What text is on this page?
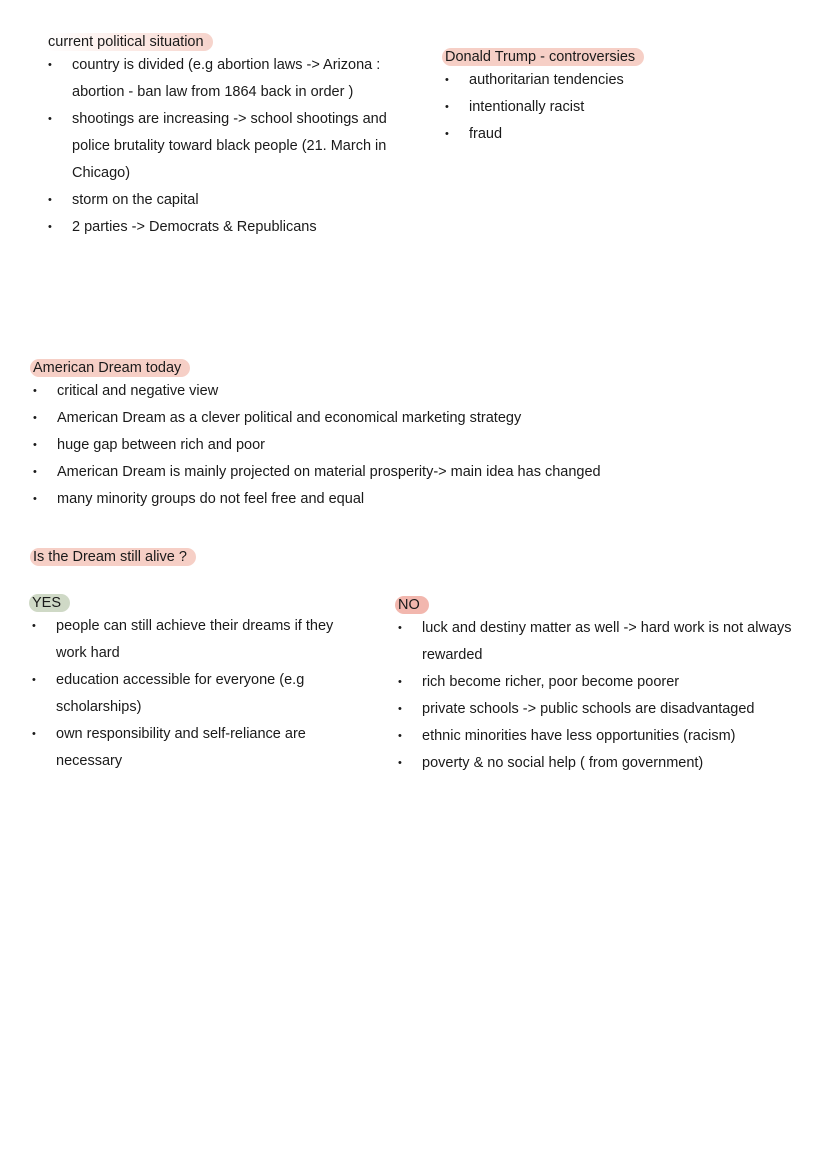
current political situation
• country is divided (e.g abortion laws -> Arizona : abortion - ban law from 1864 back in order )
• shootings are increasing -> school shootings and police brutality toward black people (21. March in Chicago)
• storm on the capital
• 2 parties -> Democrats & Republicans
Donald Trump - controversies
• authoritarian tendencies
• intentionally racist
• fraud
American Dream today
• critical and negative view
• American Dream as a clever political and economical marketing strategy
• huge gap between rich and poor
• American Dream is mainly projected on material prosperity-> main idea has changed
• many minority groups do not feel free and equal
Is the Dream still alive ?
YES
• people can still achieve their dreams if they work hard
• education accessible for everyone (e.g scholarships)
• own responsibility and self-reliance are necessary
NO
• luck and destiny matter as well -> hard work is not always rewarded
• rich become richer, poor become poorer
• private schools -> public schools are disadvantaged
• ethnic minorities have less opportunities (racism)
• poverty & no social help ( from government)
